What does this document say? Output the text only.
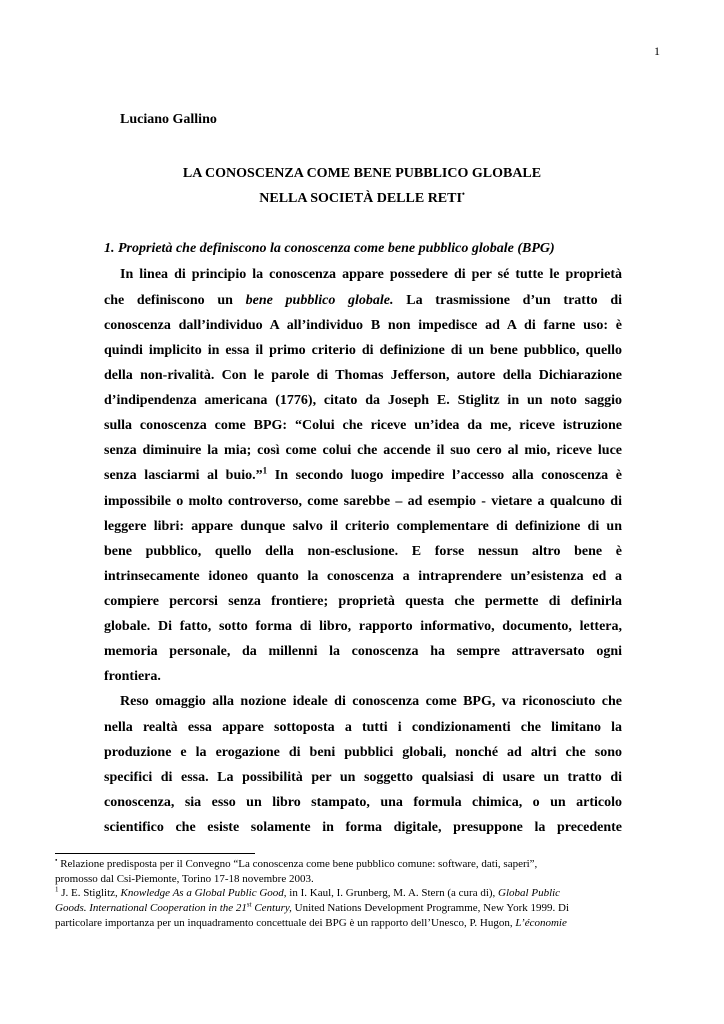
1
Luciano Gallino
LA CONOSCENZA COME BENE PUBBLICO GLOBALE
NELLA SOCIETÀ DELLE RETI•
1. Proprietà che definiscono la conoscenza come bene pubblico globale (BPG)
In linea di principio la conoscenza appare possedere di per sé tutte le proprietà
che definiscono un bene pubblico globale. La trasmissione d’un tratto di
conoscenza dall’individuo A all’individuo B non impedisce ad A di farne uso: è
quindi implicito in essa il primo criterio di definizione di un bene pubblico, quello
della non-rivalità. Con le parole di Thomas Jefferson, autore della Dichiarazione
d’indipendenza americana (1776), citato da Joseph E. Stiglitz in un noto saggio
sulla conoscenza come BPG: “Colui che riceve un’idea da me, riceve istruzione
senza diminuire la mia; così come colui che accende il suo cero al mio, riceve luce
senza lasciarmi al buio.”$^1$ In secondo luogo impedire l’accesso alla conoscenza è
impossibile o molto controverso, come sarebbe – ad esempio - vietare a qualcuno di
leggere libri: appare dunque salvo il criterio complementare di definizione di un
bene pubblico, quello della non-esclusione. E forse nessun altro bene è
intrinsecamente idoneo quanto la conoscenza a intraprendere un’esistenza ed a
compiere percorsi senza frontiere; proprietà questa che permette di definirla
globale. Di fatto, sotto forma di libro, rapporto informativo, documento, lettera,
memoria personale, da millenni la conoscenza ha sempre attraversato ogni
frontiera.
Reso omaggio alla nozione ideale di conoscenza come BPG, va riconosciuto che
nella realtà essa appare sottoposta a tutti i condizionamenti che limitano la
produzione e la erogazione di beni pubblici globali, nonché ad altri che sono
specifici di essa. La possibilità per un soggetto qualsiasi di usare un tratto di
conoscenza, sia esso un libro stampato, una formula chimica, o un articolo
scientifico che esiste solamente in forma digitale, presuppone la precedente
• Relazione predisposta per il Convegno “La conoscenza come bene pubblico comune: software, dati, saperi”,
promosso dal Csi-Piemonte, Torino 17-18 novembre 2003.
$^1$ J. E. Stiglitz, Knowledge As a Global Public Good, in I. Kaul, I. Grunberg, M. A. Stern (a cura di), Global Public
Goods. International Cooperation in the 21st Century, United Nations Development Programme, New York 1999. Di
particolare importanza per un inquadramento concettuale dei BPG è un rapporto dell’Unesco, P. Hugon, L’économie
